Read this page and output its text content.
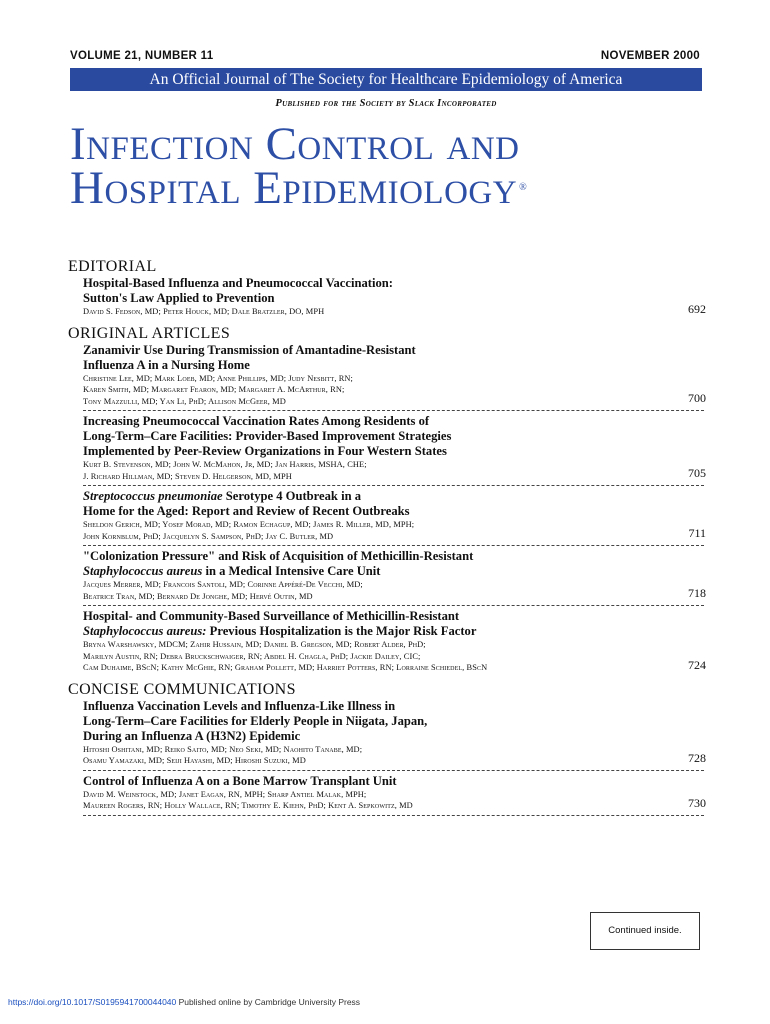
VOLUME 21, NUMBER 11	NOVEMBER 2000
An Official Journal of The Society for Healthcare Epidemiology of America
Published for the Society by Slack Incorporated
Infection Control and
Hospital Epidemiology ®
EDITORIAL
Hospital-Based Influenza and Pneumococcal Vaccination:
Sutton's Law Applied to Prevention
David S. Fedson, MD; Peter Houck, MD; Dale Bratzler, DO, MPH	692
ORIGINAL ARTICLES
Zanamivir Use During Transmission of Amantadine-Resistant
Influenza A in a Nursing Home
Christine Lee, MD; Mark Loeb, MD; Anne Phillips, MD; Judy Nesbitt, RN;
Karen Smith, MD; Margaret Fearon, MD; Margaret A. McArthur, RN;
Tony Mazzulli, MD; Yan Li, PhD; Allison McGeer, MD	700
Increasing Pneumococcal Vaccination Rates Among Residents of
Long-Term–Care Facilities: Provider-Based Improvement Strategies
Implemented by Peer-Review Organizations in Four Western States
Kurt B. Stevenson, MD; John W. McMahon, Jr, MD; Jan Harris, MSHA, CHE;
J. Richard Hillman, MD; Steven D. Helgerson, MD, MPH	705
Streptococcus pneumoniae Serotype 4 Outbreak in a
Home for the Aged: Report and Review of Recent Outbreaks
Sheldon Gerich, MD; Yosef Morad, MD; Ramon Echagup, MD; James R. Miller, MD, MPH;
John Kornblum, PhD; Jacquelyn S. Sampson, PhD; Jay C. Butler, MD	711
"Colonization Pressure" and Risk of Acquisition of Methicillin-Resistant
Staphylococcus aureus in a Medical Intensive Care Unit
Jacques Merrer, MD; Francois Santoli, MD; Corinne Appéré-De Vecchi, MD;
Beatrice Tran, MD; Bernard De Jonghe, MD; Hervé Outin, MD	718
Hospital- and Community-Based Surveillance of Methicillin-Resistant
Staphylococcus aureus: Previous Hospitalization is the Major Risk Factor
Bryna Warshawsky, MDCM; Zahir Hussain, MD; Daniel B. Gregson, MD; Robert Alder, PhD;
Marilyn Austin, RN; Debra Bruckschwaiger, RN; Abdel H. Chagla, PhD; Jackie Dailey, CIC;
Cam Duhaime, BScN; Kathy McGhie, RN; Graham Pollett, MD; Harriet Potters, RN; Lorraine Schiedel, BScN	724
CONCISE COMMUNICATIONS
Influenza Vaccination Levels and Influenza-Like Illness in
Long-Term–Care Facilities for Elderly People in Niigata, Japan,
During an Influenza A (H3N2) Epidemic
Hitoshi Oshitani, MD; Reiko Saito, MD; Neo Seki, MD; Naohito Tanabe, MD;
Osamu Yamazaki, MD; Seiji Hayashi, MD; Hiroshi Suzuki, MD	728
Control of Influenza A on a Bone Marrow Transplant Unit
David M. Weinstock, MD; Janet Eagan, RN, MPH; Sharp Antiel Malak, MPH;
Maureen Rogers, RN; Holly Wallace, RN; Timothy E. Kiehn, PhD; Kent A. Sepkowitz, MD	730
Continued inside.
https://doi.org/10.1017/S0195941700044040 Published online by Cambridge University Press
